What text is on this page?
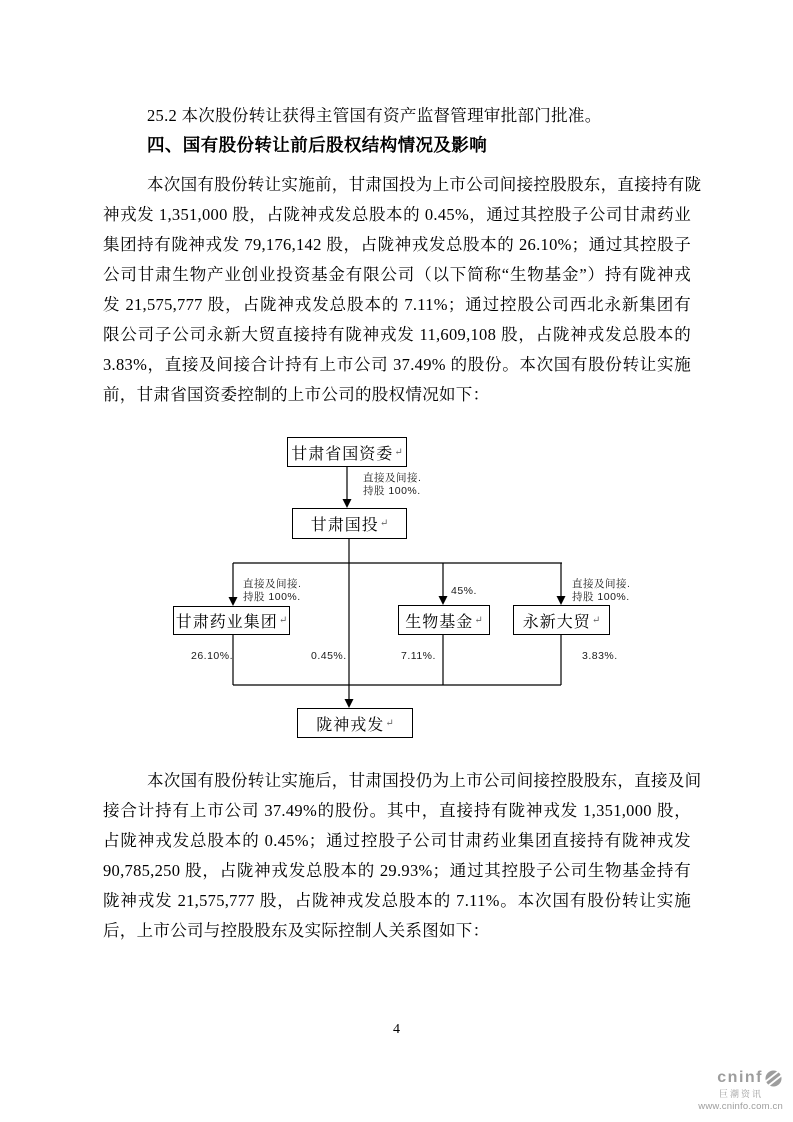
25.2 本次股份转让获得主管国有资产监督管理审批部门批准。
四、国有股份转让前后股权结构情况及影响
本次国有股份转让实施前，甘肃国投为上市公司间接控股股东，直接持有陇
神戎发 1,351,000 股，占陇神戎发总股本的 0.45%，通过其控股子公司甘肃药业
集团持有陇神戎发 79,176,142 股，占陇神戎发总股本的 26.10%；通过其控股子
公司甘肃生物产业创业投资基金有限公司（以下简称“生物基金”）持有陇神戎
发 21,575,777 股，占陇神戎发总股本的 7.11%；通过控股公司西北永新集团有
限公司子公司永新大贸直接持有陇神戎发 11,609,108 股，占陇神戎发总股本的
3.83%，直接及间接合计持有上市公司 37.49% 的股份。本次国有股份转让实施
前，甘肃省国资委控制的上市公司的股权情况如下：
甘肃省国资委 ↵
甘肃国投 ↵
甘肃药业集团 ↵	生物基金 ↵	永新大贸 ↵
陇神戎发 ↵
直接及间接.
持股 100%.
直接及间接.
持股 100%.	45%.
直接及间接.
持股 100%.
26.10%.	0.45%.	7.11%.	3.83%.
本次国有股份转让实施后，甘肃国投仍为上市公司间接控股股东，直接及间
接合计持有上市公司 37.49%的股份。其中，直接持有陇神戎发 1,351,000 股，
占陇神戎发总股本的 0.45%；通过控股子公司甘肃药业集团直接持有陇神戎发
90,785,250 股，占陇神戎发总股本的 29.93%；通过其控股子公司生物基金持有
陇神戎发 21,575,777 股，占陇神戎发总股本的 7.11%。本次国有股份转让实施
后，上市公司与控股股东及实际控制人关系图如下：
4
cninf
巨潮资讯
www.cninfo.com.cn
